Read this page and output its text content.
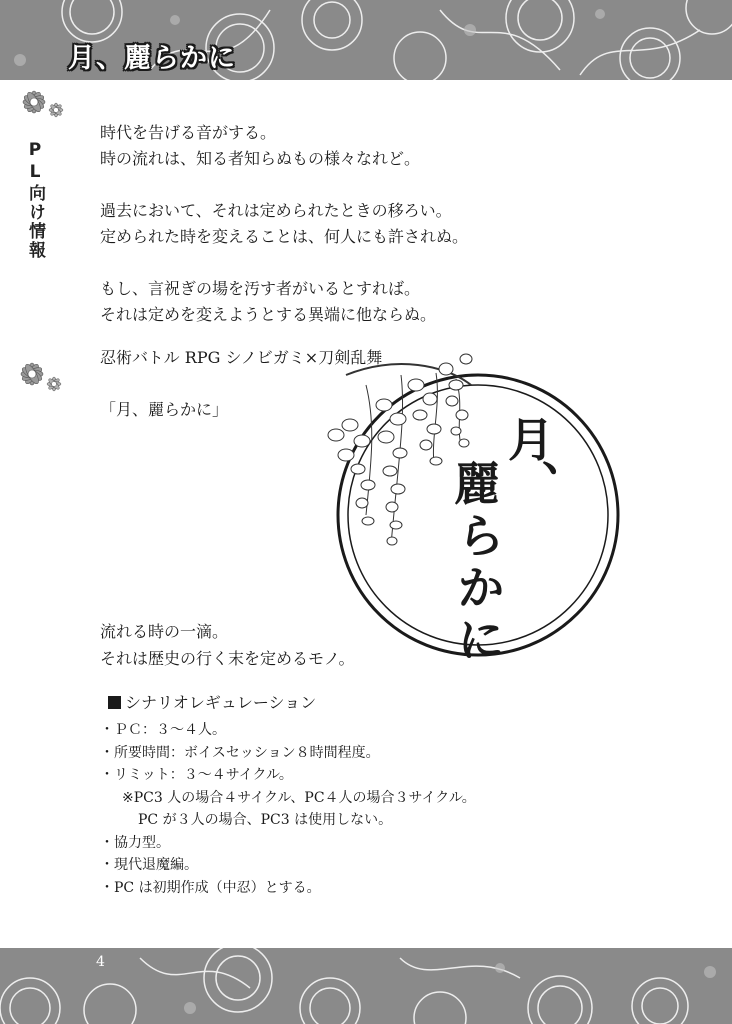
月、麗らかに
PL向け情報

時代を告げる音がする。

時の流れは、知る者知らぬもの様々なれど。

過去において、それは定められたときの移ろい。

定められた時を変えることは、何人にも許されぬ。

もし、言祝ぎの場を汚す者がいるとすれば。

それは定めを変えようとする異端に他ならぬ。

忍術バトル RPG シノビガミ×刀剣乱舞
「月、麗らかに」
月
、
麗
ら
か
に
流れる時の一滴。
それは歴史の行く末を定めるモノ。
シナリオレギュレーション
・ＰＣ：３〜４人。
・所要時間：ボイスセッション８時間程度。
・リミット：３〜４サイクル。
※PC3 人の場合４サイクル、PC４人の場合３サイクル。
PC が３人の場合、PC3 は使用しない。
・協力型。
・現代退魔編。
・PC は初期作成（中忍）とする。
4
